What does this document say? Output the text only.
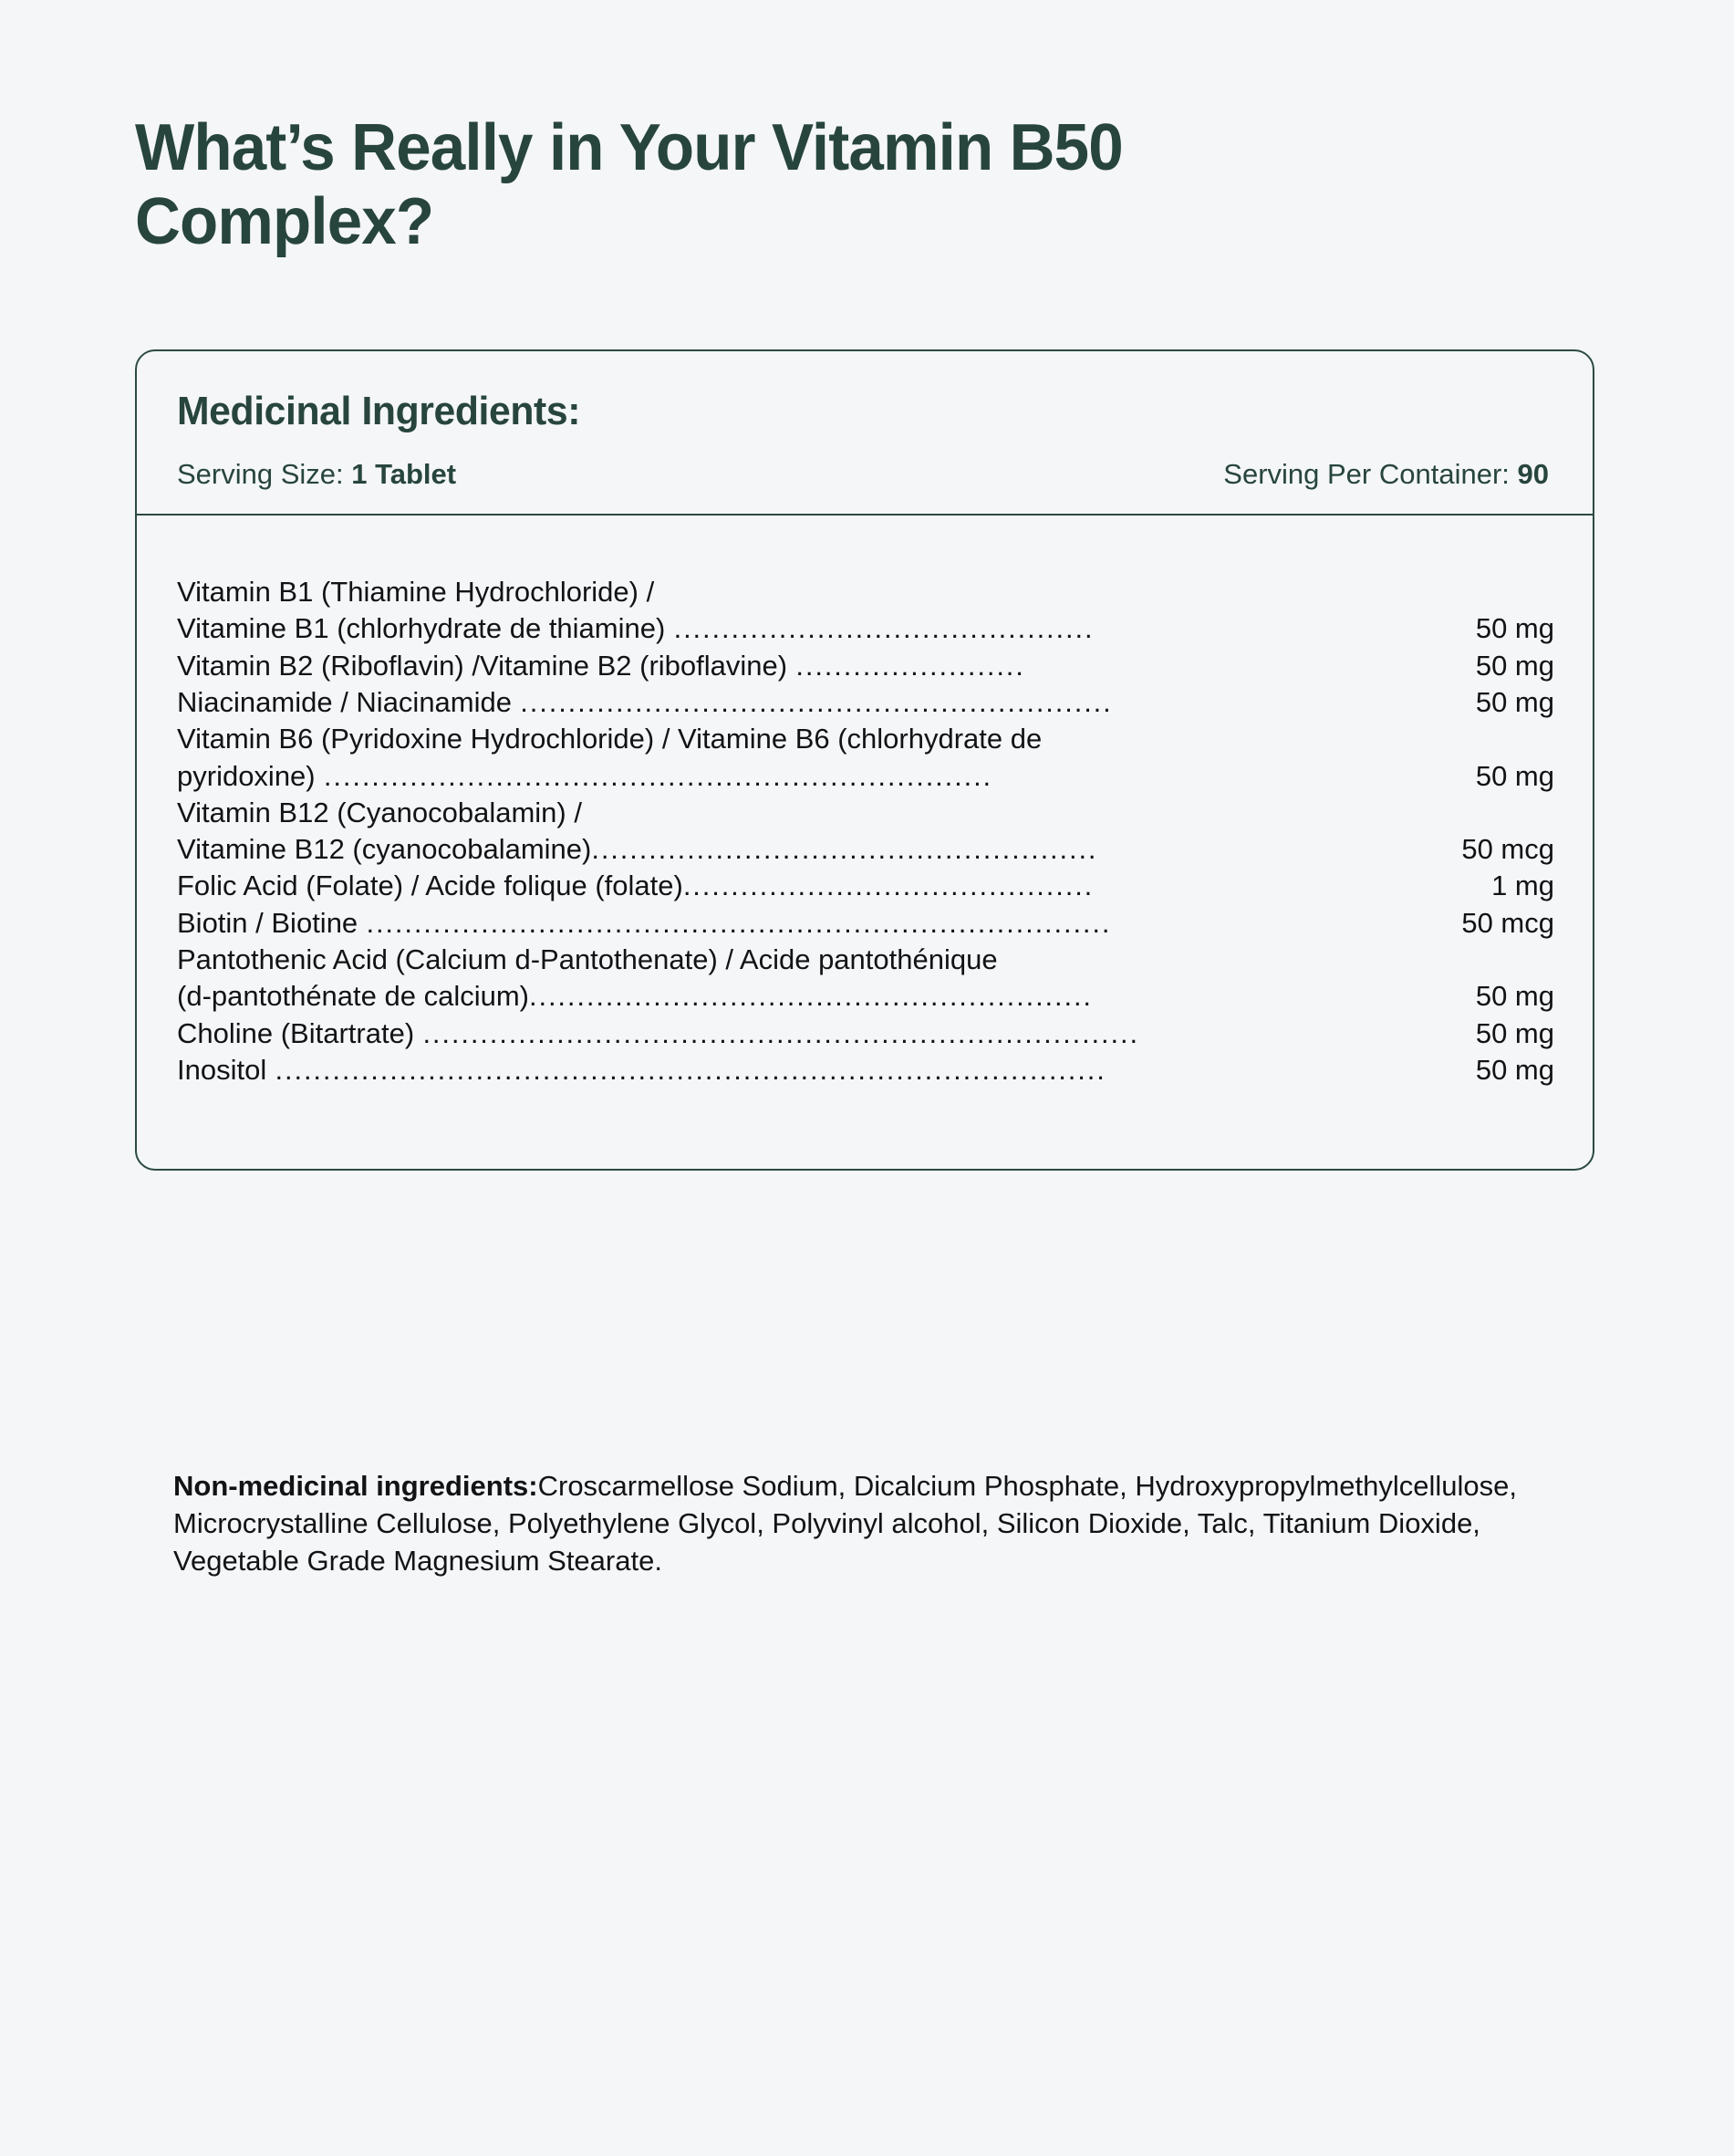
What’s Really in Your Vitamin B50 Complex?
Medicinal Ingredients:
Serving Size: 1 Tablet	Serving Per Container: 90
Vitamin B1 (Thiamine Hydrochloride) /
Vitamine B1 (chlorhydrate de thiamine) ............................................	50 mg
Vitamin B2 (Riboflavin) /Vitamine B2 (riboflavine) ........................	50 mg
Niacinamide / Niacinamide ..............................................................	50 mg
Vitamin B6 (Pyridoxine Hydrochloride) / Vitamine B6 (chlorhydrate de
pyridoxine) ......................................................................	50 mg
Vitamin B12 (Cyanocobalamin) /
Vitamine B12 (cyanocobalamine) .....................................................	50 mcg
Folic Acid (Folate) / Acide folique (folate) ...........................................	1 mg
Biotin / Biotine ..............................................................................	50 mcg
Pantothenic Acid (Calcium d-Pantothenate) / Acide pantothénique
(d-pantothénate de calcium) ...........................................................	50 mg
Choline (Bitartrate) ...........................................................................	50 mg
Inositol .......................................................................................	50 mg

Non-medicinal ingredients:Croscarmellose Sodium, Dicalcium Phosphate, Hydroxypropylmethylcellulose, Microcrystalline Cellulose, Polyethylene Glycol, Polyvinyl alcohol, Silicon Dioxide, Talc, Titanium Dioxide, Vegetable Grade Magnesium Stearate.
